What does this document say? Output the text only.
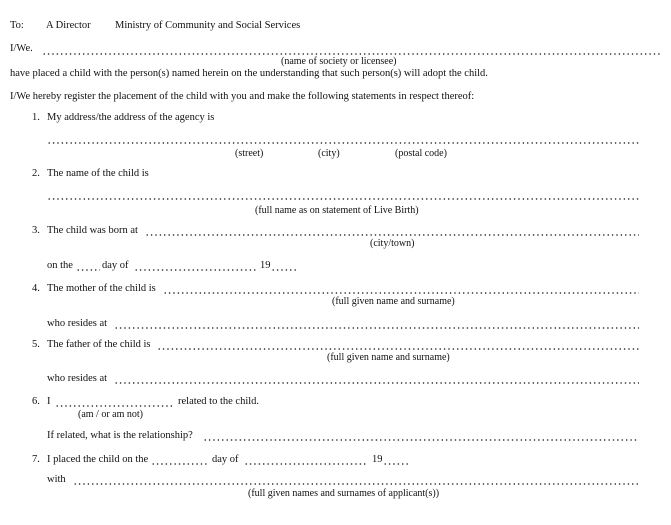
To: A Director Ministry of Community and Social Services
I/We.
(name of society or licensee)
have placed a child with the person(s) named herein on the understanding that such person(s) will adopt the child.
I/We hereby register the placement of the child with you and make the following statements in respect thereof:
1. My address/the address of the agency is
(street)	(city)	(postal code)
2. The name of the child is
(full name as on statement of Live Birth)
3. The child was born at
(city/town)
on the	day of	19
4. The mother of the child is
(full given name and surname)
who resides at
5. The father of the child is
(full given name and surname)
who resides at
6. I	related to the child.
(am / or am not)
If related, what is the relationship?
7. I placed the child on the	day of	19
with
(full given names and surnames of applicant(s))
